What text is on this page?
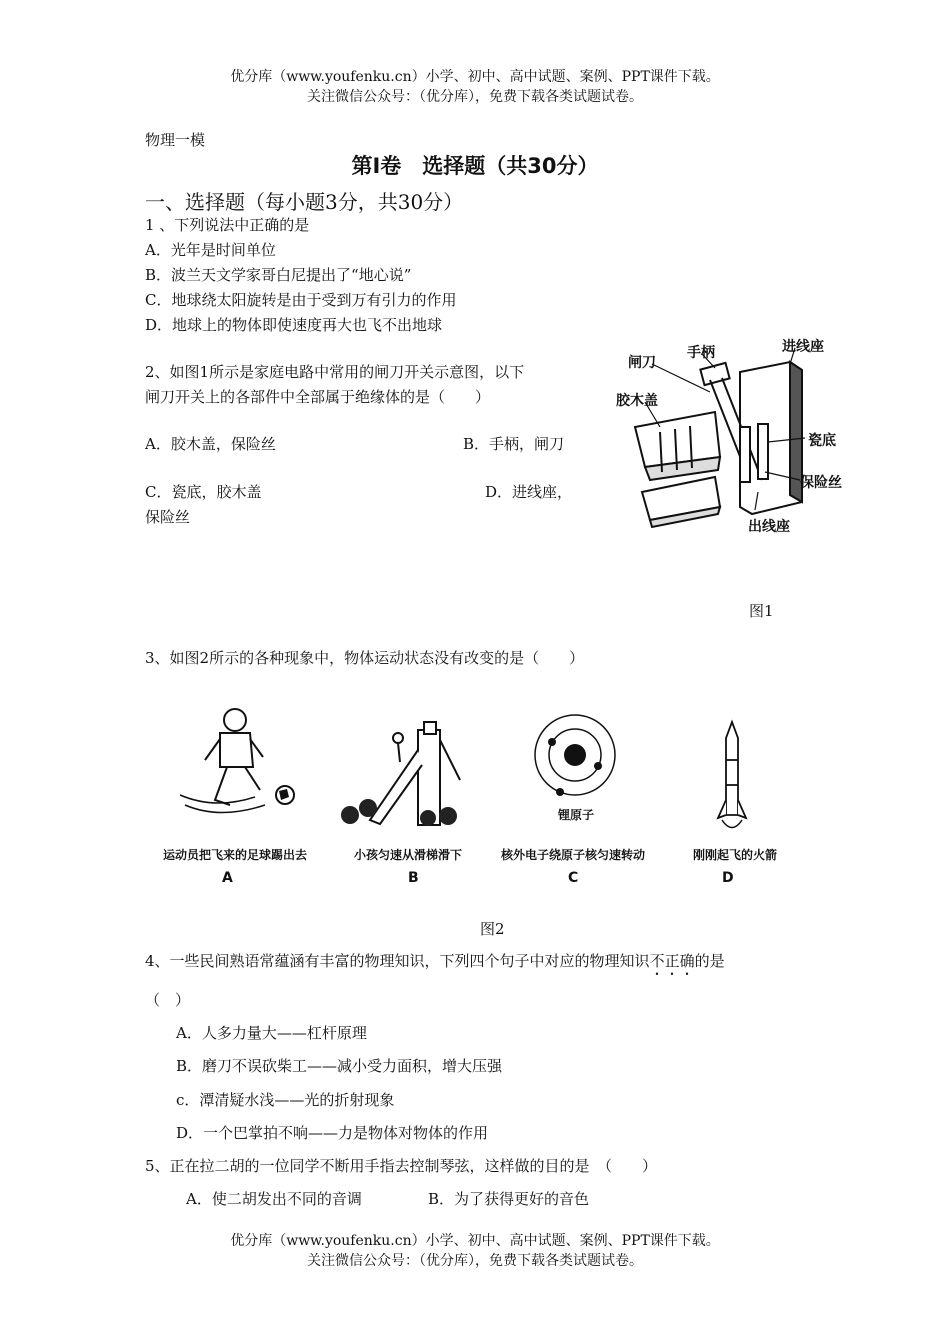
优分库（www.youfenku.cn）小学、初中、高中试题、案例、PPT课件下载。
关注微信公众号：（优分库），免费下载各类试题试卷。
物理一模
第Ⅰ卷　选择题（共30分）
一、选择题（每小题3分，共30分）
1 、下列说法中正确的是
A．光年是时间单位
B．波兰天文学家哥白尼提出了“地心说”
C．地球绕太阳旋转是由于受到万有引力的作用
D．地球上的物体即使速度再大也飞不出地球
2、如图1所示是家庭电路中常用的闸刀开关示意图，以下
闸刀开关上的各部件中全部属于绝缘体的是（　　）
A．胶木盖，保险丝	B．手柄，闸刀
C．瓷底，胶木盖	D．进线座，
保险丝
闸刀
手柄	进线座
胶木盖
瓷底
保险丝
出线座
图1
3、如图2所示的各种现象中，物体运动状态没有改变的是（　　）
锂原子
运动员把飞来的足球踢出去	小孩匀速从滑梯滑下	核外电子绕原子核匀速转动	刚刚起飞的火箭
A	B	C	D
图2
4、一些民间熟语常蕴涵有丰富的物理知识，下列四个句子中对应的物理知识不正确的是
（　）
A．人多力量大——杠杆原理
B．磨刀不误砍柴工——减小受力面积，增大压强
c．潭清疑水浅——光的折射现象
D．一个巴掌拍不响——力是物体对物体的作用
5、正在拉二胡的一位同学不断用手指去控制琴弦，这样做的目的是　（　　）
A．使二胡发出不同的音调	B．为了获得更好的音色
优分库（www.youfenku.cn）小学、初中、高中试题、案例、PPT课件下载。
关注微信公众号：（优分库），免费下载各类试题试卷。
